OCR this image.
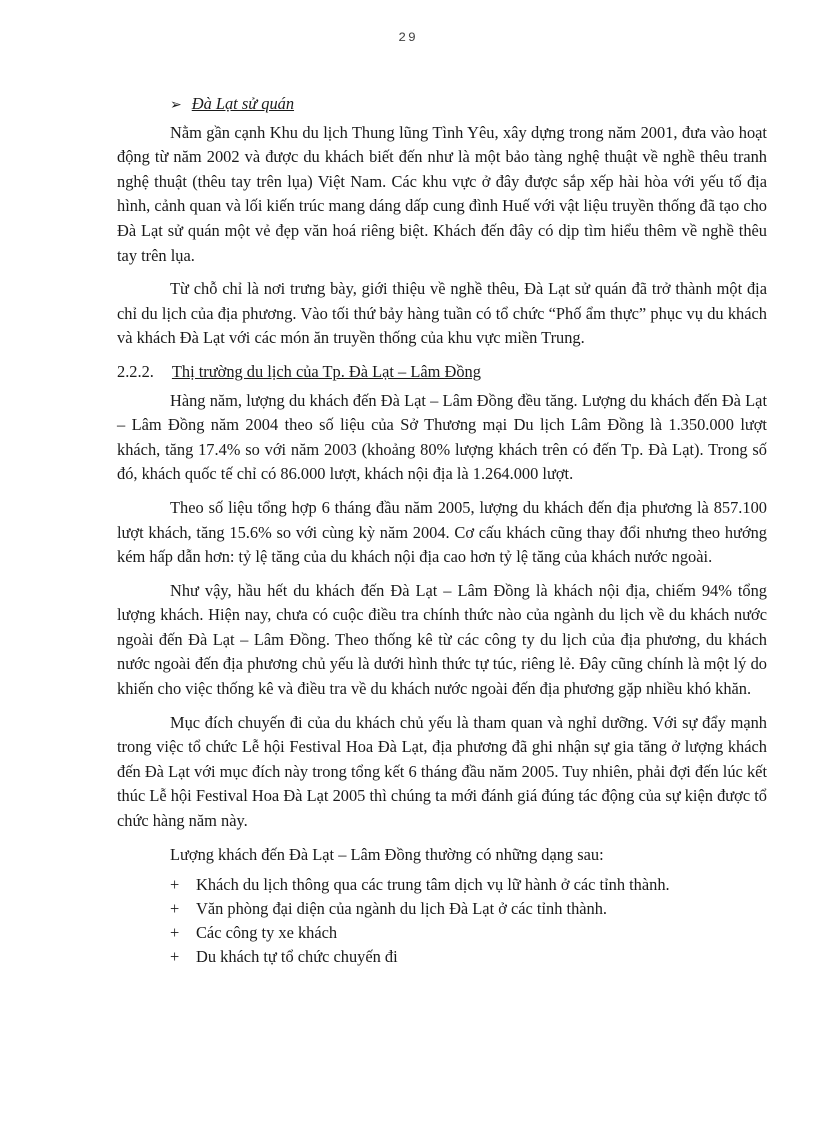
29
➢ Đà Lạt sử quán

Nằm gần cạnh Khu du lịch Thung lũng Tình Yêu, xây dựng trong năm 2001, đưa vào hoạt động từ năm 2002 và được du khách biết đến như là một bảo tàng nghệ thuật về nghề thêu tranh nghệ thuật (thêu tay trên lụa) Việt Nam. Các khu vực ở đây được sắp xếp hài hòa với yếu tố địa hình, cảnh quan và lối kiến trúc mang dáng dấp cung đình Huế với vật liệu truyền thống đã tạo cho Đà Lạt sử quán một vẻ đẹp văn hoá riêng biệt. Khách đến đây có dịp tìm hiểu thêm về nghề thêu tay trên lụa.

Từ chỗ chỉ là nơi trưng bày, giới thiệu về nghề thêu, Đà Lạt sử quán đã trở thành một địa chỉ du lịch của địa phương. Vào tối thứ bảy hàng tuần có tổ chức “Phố ẩm thực” phục vụ du khách và khách Đà Lạt với các món ăn truyền thống của khu vực miền Trung.

2.2.2. Thị trường du lịch của Tp. Đà Lạt – Lâm Đồng

Hàng năm, lượng du khách đến Đà Lạt – Lâm Đồng đều tăng. Lượng du khách đến Đà Lạt – Lâm Đồng năm 2004 theo số liệu của Sở Thương mại Du lịch Lâm Đồng là 1.350.000 lượt khách, tăng 17.4% so với năm 2003 (khoảng 80% lượng khách trên có đến Tp. Đà Lạt). Trong số đó, khách quốc tế chỉ có 86.000 lượt, khách nội địa là 1.264.000 lượt.

Theo số liệu tổng hợp 6 tháng đầu năm 2005, lượng du khách đến địa phương là 857.100 lượt khách, tăng 15.6% so với cùng kỳ năm 2004. Cơ cấu khách cũng thay đổi nhưng theo hướng kém hấp dẫn hơn: tỷ lệ tăng của du khách nội địa cao hơn tỷ lệ tăng của khách nước ngoài.

Như vậy, hầu hết du khách đến Đà Lạt – Lâm Đồng là khách nội địa, chiếm 94% tổng lượng khách. Hiện nay, chưa có cuộc điều tra chính thức nào của ngành du lịch về du khách nước ngoài đến Đà Lạt – Lâm Đồng. Theo thống kê từ các công ty du lịch của địa phương, du khách nước ngoài đến địa phương chủ yếu là dưới hình thức tự túc, riêng lẻ. Đây cũng chính là một lý do khiến cho việc thống kê và điều tra về du khách nước ngoài đến địa phương gặp nhiều khó khăn.

Mục đích chuyến đi của du khách chủ yếu là tham quan và nghỉ dưỡng. Với sự đẩy mạnh trong việc tổ chức Lễ hội Festival Hoa Đà Lạt, địa phương đã ghi nhận sự gia tăng ở lượng khách đến Đà Lạt với mục đích này trong tổng kết 6 tháng đầu năm 2005. Tuy nhiên, phải đợi đến lúc kết thúc Lễ hội Festival Hoa Đà Lạt 2005 thì chúng ta mới đánh giá đúng tác động của sự kiện được tổ chức hàng năm này.

Lượng khách đến Đà Lạt – Lâm Đồng thường có những dạng sau:

+	Khách du lịch thông qua các trung tâm dịch vụ lữ hành ở các tỉnh thành.
+	Văn phòng đại diện của ngành du lịch Đà Lạt ở các tỉnh thành.
+	Các công ty xe khách
+	Du khách tự tổ chức chuyến đi
